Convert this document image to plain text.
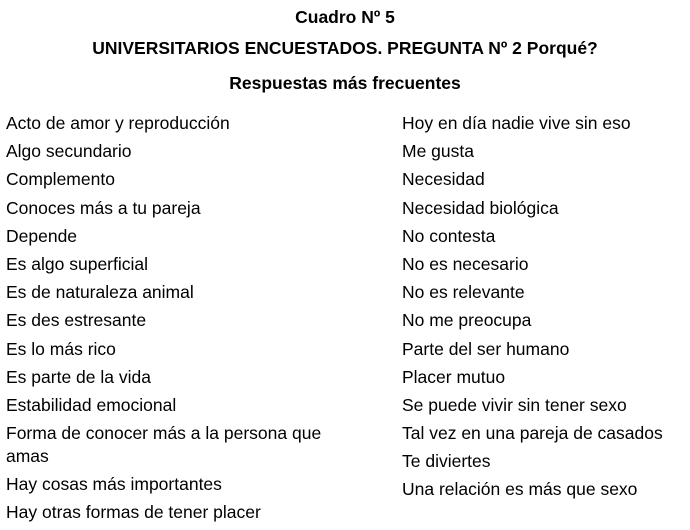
Cuadro Nº 5
UNIVERSITARIOS ENCUESTADOS. PREGUNTA Nº 2 Porqué?
Respuestas más frecuentes
Acto de amor y reproducción
Algo secundario
Complemento
Conoces más a tu pareja
Depende
Es algo superficial
Es de naturaleza animal
Es des estresante
Es lo más rico
Es parte de la vida
Estabilidad emocional
Forma de conocer más a la persona que amas
Hay cosas más importantes
Hay otras formas de tener placer
Hoy en día nadie vive sin eso
Me gusta
Necesidad
Necesidad biológica
No contesta
No es necesario
No es relevante
No me preocupa
Parte del ser humano
Placer mutuo
Se puede vivir sin tener sexo
Tal vez en una pareja de casados
Te diviertes
Una relación es más que sexo
